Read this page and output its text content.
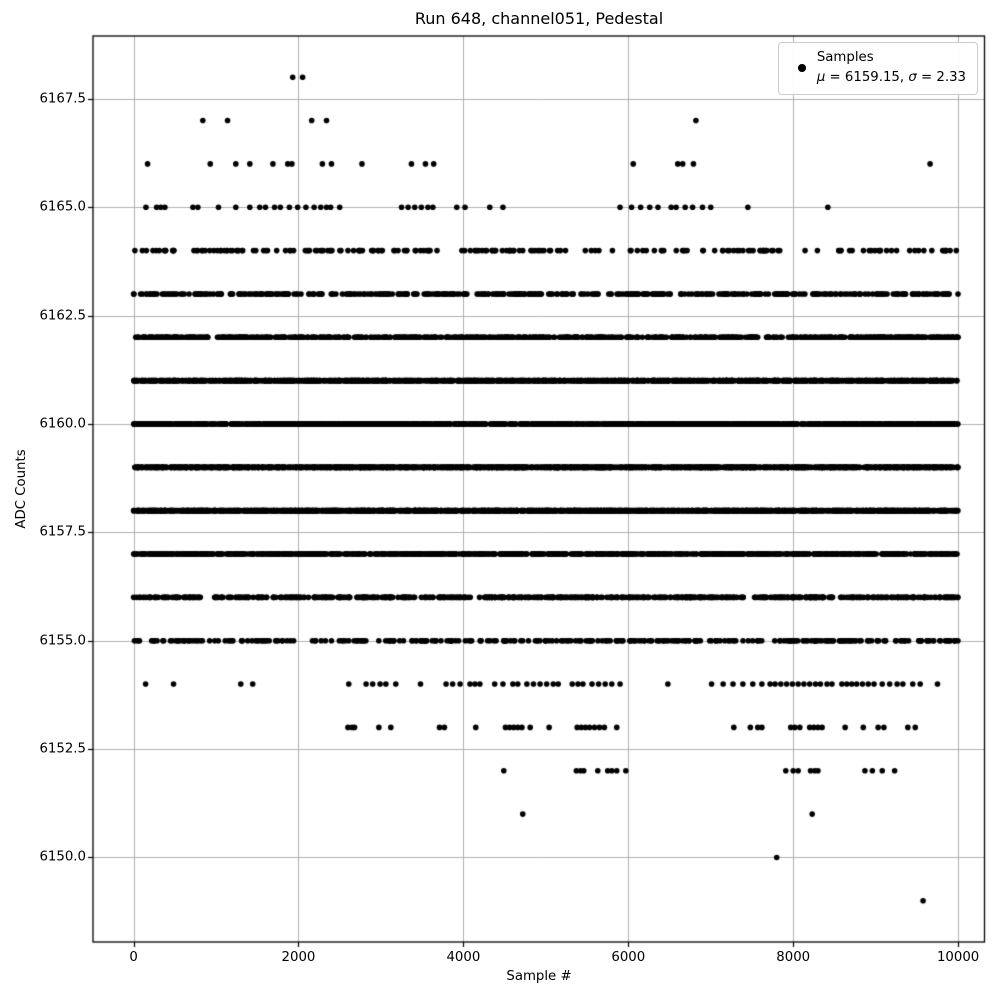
Run 648, channel051, Pedestal
Sample #
ADC Counts
0	2000	4000	6000	8000	10000
6150.0
6152.5
6155.0
6157.5
6160.0
6162.5
6165.0
6167.5
Samples
μ = 6159.15, σ = 2.33
